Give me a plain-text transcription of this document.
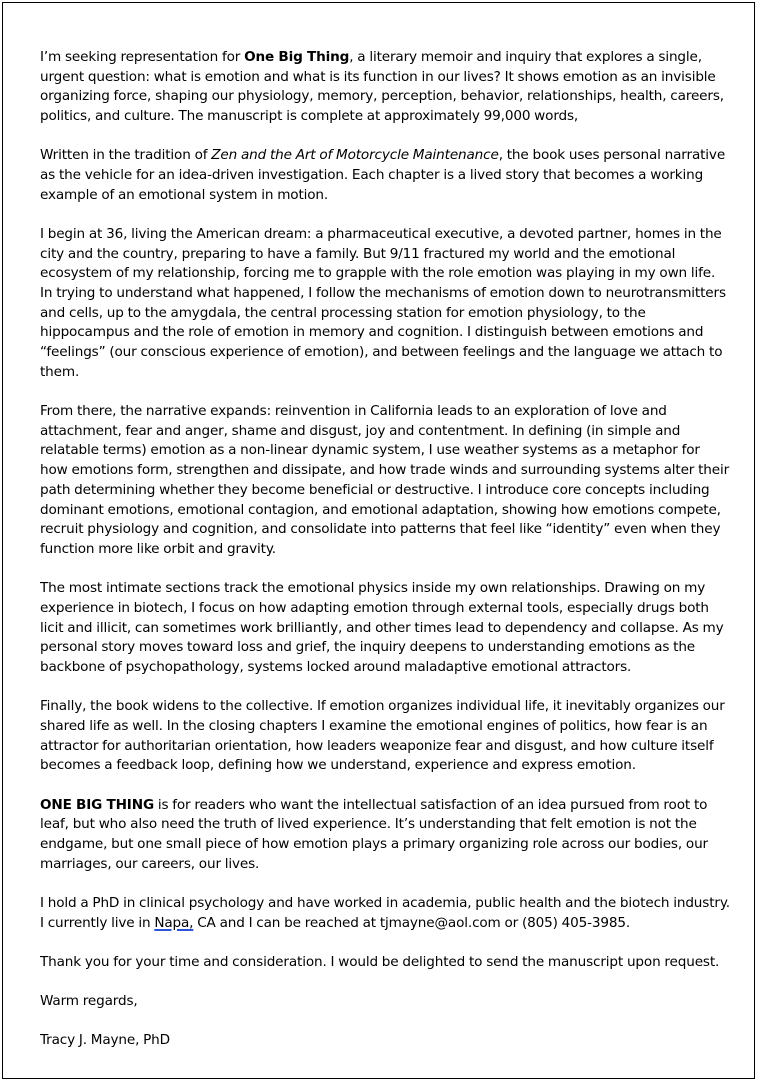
I’m seeking representation for One Big Thing, a literary memoir and inquiry that explores a single, urgent question: what is emotion and what is its function in our lives? It shows emotion as an invisible organizing force, shaping our physiology, memory, perception, behavior, relationships, health, careers, politics, and culture. The manuscript is complete at approximately 99,000 words,

Written in the tradition of Zen and the Art of Motorcycle Maintenance, the book uses personal narrative as the vehicle for an idea-driven investigation. Each chapter is a lived story that becomes a working example of an emotional system in motion.

I begin at 36, living the American dream: a pharmaceutical executive, a devoted partner, homes in the city and the country, preparing to have a family. But 9/11 fractured my world and the emotional ecosystem of my relationship, forcing me to grapple with the role emotion was playing in my own life. In trying to understand what happened, I follow the mechanisms of emotion down to neurotransmitters and cells, up to the amygdala, the central processing station for emotion physiology, to the hippocampus and the role of emotion in memory and cognition. I distinguish between emotions and “feelings” (our conscious experience of emotion), and between feelings and the language we attach to them.

From there, the narrative expands: reinvention in California leads to an exploration of love and attachment, fear and anger, shame and disgust, joy and contentment. In defining (in simple and relatable terms) emotion as a non-linear dynamic system, I use weather systems as a metaphor for how emotions form, strengthen and dissipate, and how trade winds and surrounding systems alter their path determining whether they become beneficial or destructive. I introduce core concepts including dominant emotions, emotional contagion, and emotional adaptation, showing how emotions compete, recruit physiology and cognition, and consolidate into patterns that feel like “identity” even when they function more like orbit and gravity.

The most intimate sections track the emotional physics inside my own relationships. Drawing on my experience in biotech, I focus on how adapting emotion through external tools, especially drugs both licit and illicit, can sometimes work brilliantly, and other times lead to dependency and collapse. As my personal story moves toward loss and grief, the inquiry deepens to understanding emotions as the backbone of psychopathology, systems locked around maladaptive emotional attractors.

Finally, the book widens to the collective. If emotion organizes individual life, it inevitably organizes our shared life as well. In the closing chapters I examine the emotional engines of politics, how fear is an attractor for authoritarian orientation, how leaders weaponize fear and disgust, and how culture itself becomes a feedback loop, defining how we understand, experience and express emotion.

ONE BIG THING is for readers who want the intellectual satisfaction of an idea pursued from root to leaf, but who also need the truth of lived experience. It’s understanding that felt emotion is not the endgame, but one small piece of how emotion plays a primary organizing role across our bodies, our marriages, our careers, our lives.

I hold a PhD in clinical psychology and have worked in academia, public health and the biotech industry. I currently live in Napa, CA and I can be reached at tjmayne@aol.com or (805) 405-3985.

Thank you for your time and consideration. I would be delighted to send the manuscript upon request.

Warm regards,

Tracy J. Mayne, PhD
